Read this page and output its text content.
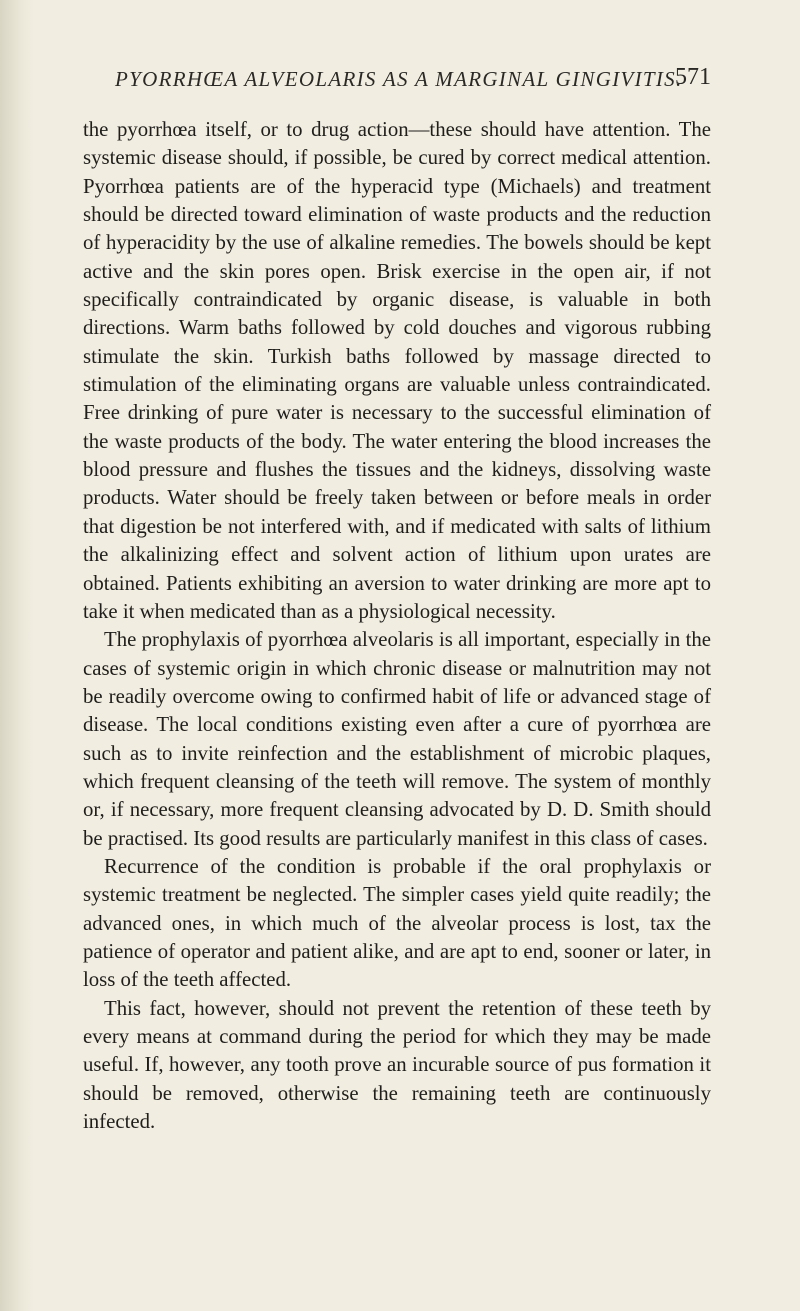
PYORRHŒA ALVEOLARIS AS A MARGINAL GINGIVITIS.
571

the pyorrhœa itself, or to drug action—these should have attention. The systemic disease should, if possible, be cured by correct medical attention. Pyorrhœa patients are of the hyperacid type (Michaels) and treatment should be directed toward elimination of waste products and the reduction of hyperacidity by the use of alkaline remedies. The bowels should be kept active and the skin pores open. Brisk exercise in the open air, if not specifically contraindicated by organic disease, is valuable in both directions. Warm baths followed by cold douches and vigorous rubbing stimulate the skin. Turkish baths followed by massage directed to stimulation of the eliminating organs are valuable unless contraindicated. Free drinking of pure water is necessary to the successful elimination of the waste products of the body. The water entering the blood increases the blood pressure and flushes the tissues and the kidneys, dissolving waste products. Water should be freely taken between or before meals in order that digestion be not interfered with, and if medicated with salts of lithium the alkalinizing effect and solvent action of lithium upon urates are obtained. Patients exhibiting an aversion to water drinking are more apt to take it when medicated than as a physiological necessity.

The prophylaxis of pyorrhœa alveolaris is all important, especially in the cases of systemic origin in which chronic disease or malnutrition may not be readily overcome owing to confirmed habit of life or advanced stage of disease. The local conditions existing even after a cure of pyorrhœa are such as to invite reinfection and the establishment of microbic plaques, which frequent cleansing of the teeth will remove. The system of monthly or, if necessary, more frequent cleansing advocated by D. D. Smith should be practised. Its good results are particularly manifest in this class of cases.

Recurrence of the condition is probable if the oral prophylaxis or systemic treatment be neglected. The simpler cases yield quite readily; the advanced ones, in which much of the alveolar process is lost, tax the patience of operator and patient alike, and are apt to end, sooner or later, in loss of the teeth affected.

This fact, however, should not prevent the retention of these teeth by every means at command during the period for which they may be made useful. If, however, any tooth prove an incurable source of pus formation it should be removed, otherwise the remaining teeth are continuously infected.
